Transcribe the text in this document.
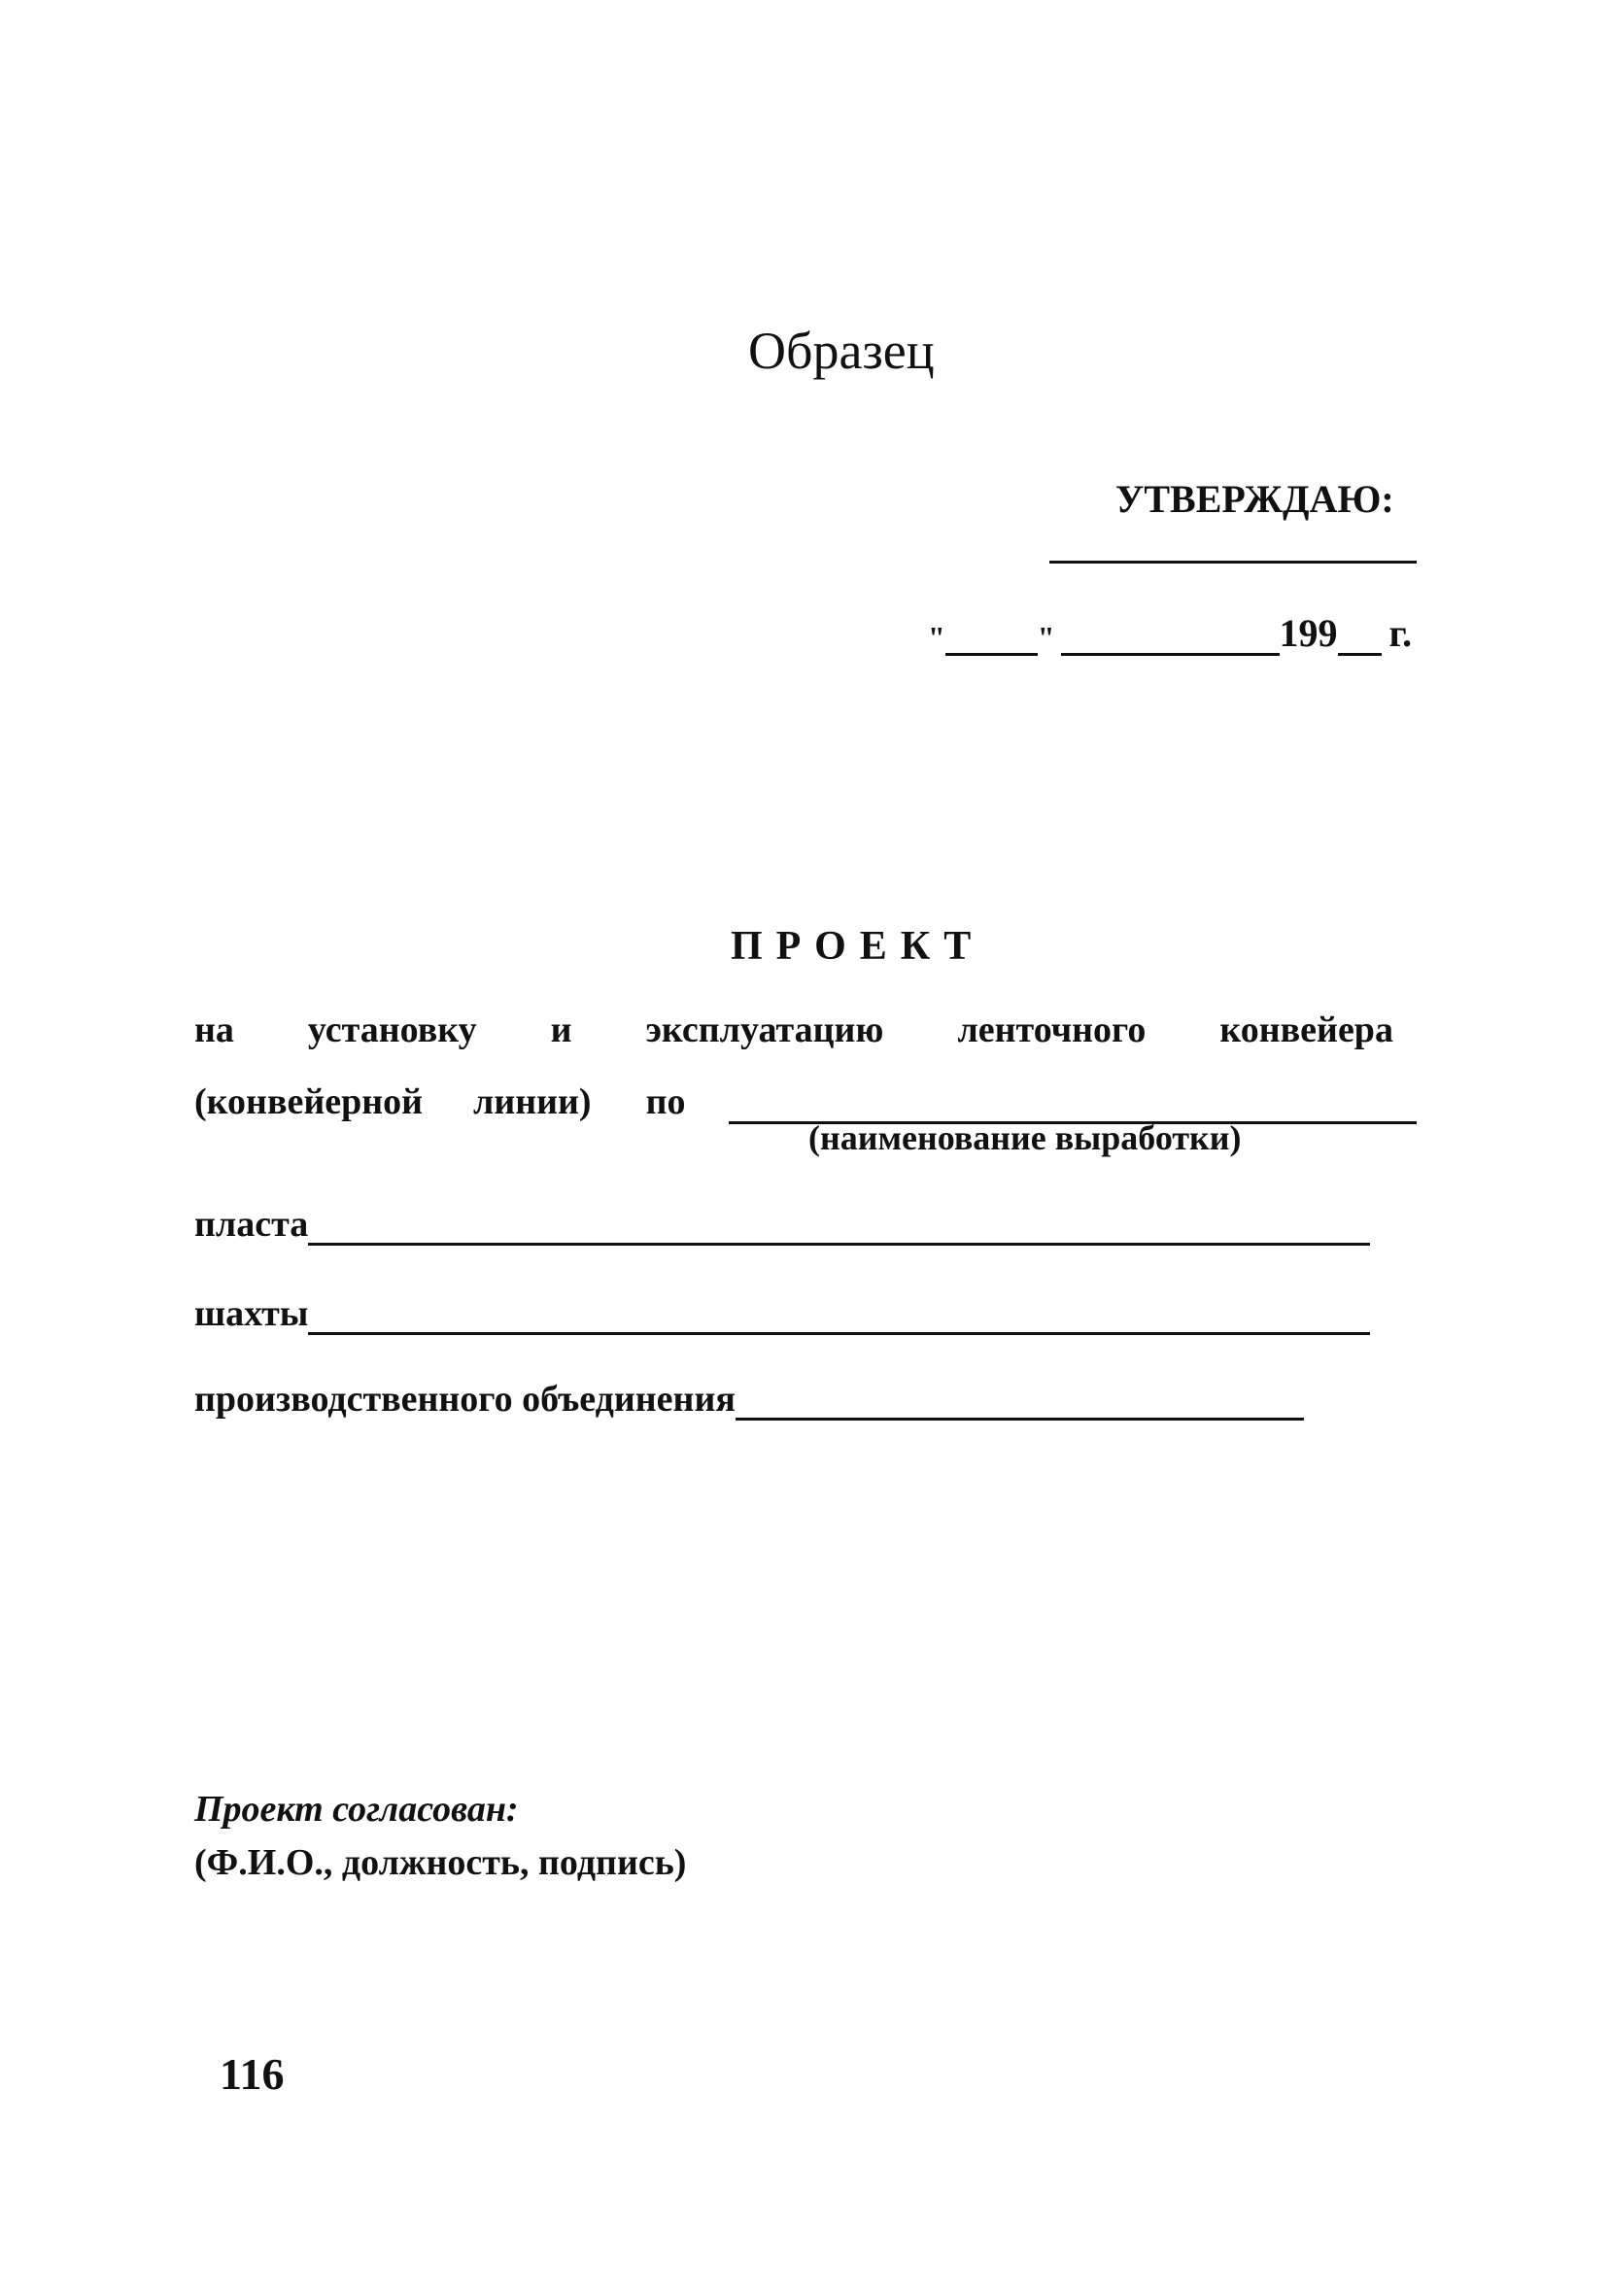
Образец
УТВЕРЖДАЮ:
"	"	199 г.
ПРОЕКТ
на установку и эксплуатацию ленточного конвейера
(конвейерной линии) по
(наименование выработки)
пласта
шахты
производственного объединения
Проект согласован:
(Ф.И.О., должность, подпись)
116
